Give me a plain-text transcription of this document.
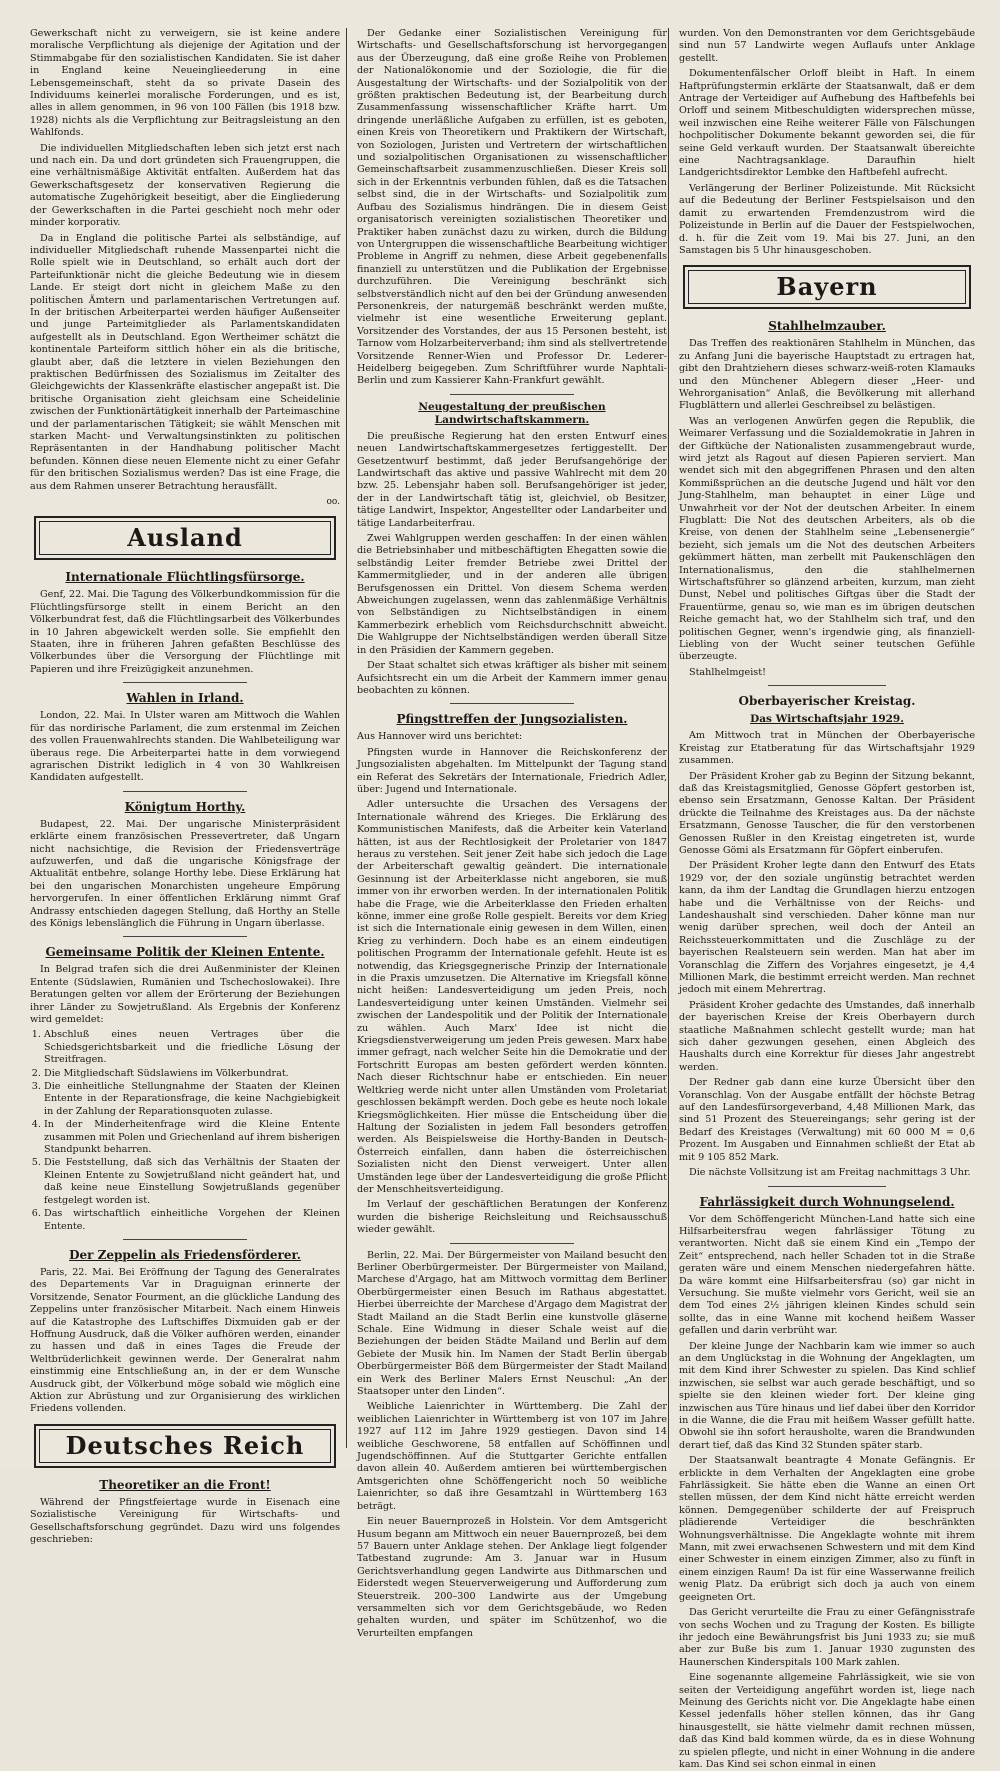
Gewerkschaft nicht zu verweigern, sie ist keine andere moralische Verpflichtung als diejenige der Agitation und der Stimmabgabe für den sozialistischen Kandidaten. Sie ist daher in England keine Neueinglieederung in eine Lebensgemeinschaft, steht da so private Dasein des Individuums keinerlei moralische Forderungen, und es ist, alles in allem genommen, in 96 von 100 Fällen (bis 1918 bzw. 1928) nichts als die Verpflichtung zur Beitragsleistung an den Wahlfonds.

Die individuellen Mitgliedschaften leben sich jetzt erst nach und nach ein. Da und dort gründeten sich Frauengruppen, die eine verhältnismäßige Aktivität entfalten. Außerdem hat das Gewerkschaftsgesetz der konservativen Regierung die automatische Zugehörigkeit beseitigt, aber die Eingliederung der Gewerkschaften in die Partei geschieht noch mehr oder minder korporativ.

Da in England die politische Partei als selbständige, auf individueller Mitgliedschaft ruhende Massenpartei nicht die Rolle spielt wie in Deutschland, so erhält auch dort der Parteifunktionär nicht die gleiche Bedeutung wie in diesem Lande. Er steigt dort nicht in gleichem Maße zu den politischen Ämtern und parlamentarischen Vertretungen auf. In der britischen Arbeiterpartei werden häufiger Außenseiter und junge Parteimitglieder als Parlamentskandidaten aufgestellt als in Deutschland. Egon Wertheimer schätzt die kontinentale Parteiform sittlich höher ein als die britische, glaubt aber, daß die letztere in vielen Beziehungen den praktischen Bedürfnissen des Sozialismus im Zeitalter des Gleichgewichts der Klassenkräfte elastischer angepaßt ist. Die britische Organisation zieht gleichsam eine Scheidelinie zwischen der Funktionärtätigkeit innerhalb der Parteimaschine und der parlamentarischen Tätigkeit; sie wählt Menschen mit starken Macht- und Verwaltungsinstinkten zu politischen Repräsentanten in der Handhabung politischer Macht befunden. Können diese neuen Elemente nicht zu einer Gefahr für den britischen Sozialismus werden? Das ist eine Frage, die aus dem Rahmen unserer Betrachtung herausfällt.

oo.
Ausland
Internationale Flüchtlingsfürsorge.

Genf, 22. Mai. Die Tagung des Völkerbundkommission für die Flüchtlingsfürsorge stellt in einem Bericht an den Völkerbundrat fest, daß die Flüchtlingsarbeit des Völkerbundes in 10 Jahren abgewickelt werden solle. Sie empfiehlt den Staaten, ihre in früheren Jahren gefaßten Beschlüsse des Völkerbundes über die Versorgung der Flüchtlinge mit Papieren und ihre Freizügigkeit anzunehmen.

Wahlen in Irland.

London, 22. Mai. In Ulster waren am Mittwoch die Wahlen für das nordirische Parlament, die zum erstenmal im Zeichen des vollen Frauenwahlrechts standen. Die Wahlbeteiligung war überaus rege. Die Arbeiterpartei hatte in dem vorwiegend agrarischen Distrikt lediglich in 4 von 30 Wahlkreisen Kandidaten aufgestellt.

Königtum Horthy.

Budapest, 22. Mai. Der ungarische Ministerpräsident erklärte einem französischen Pressevertreter, daß Ungarn nicht nachsichtige, die Revision der Friedensverträge aufzuwerfen, und daß die ungarische Königsfrage der Aktualität entbehre, solange Horthy lebe. Diese Erklärung hat bei den ungarischen Monarchisten ungeheure Empörung hervorgerufen. In einer öffentlichen Erklärung nimmt Graf Andrassy entschieden dagegen Stellung, daß Horthy an Stelle des Königs lebenslänglich die Führung in Ungarn überlasse.

Gemeinsame Politik der Kleinen Entente.

In Belgrad trafen sich die drei Außenminister der Kleinen Entente (Südslawien, Rumänien und Tschechoslowakei). Ihre Beratungen gelten vor allem der Erörterung der Beziehungen ihrer Länder zu Sowjetrußland. Als Ergebnis der Konferenz wird gemeldet:

1. Abschluß eines neuen Vertrages über die Schiedsgerichtsbarkeit und die friedliche Lösung der Streitfragen.
2. Die Mitgliedschaft Südslawiens im Völkerbundrat.
3. Die einheitliche Stellungnahme der Staaten der Kleinen Entente in der Reparationsfrage, die keine Nachgiebigkeit in der Zahlung der Reparationsquoten zulasse.
4. In der Minderheitenfrage wird die Kleine Entente zusammen mit Polen und Griechenland auf ihrem bisherigen Standpunkt beharren.
5. Die Feststellung, daß sich das Verhältnis der Staaten der Kleinen Entente zu Sowjetrußland nicht geändert hat, und daß keine neue Einstellung Sowjetrußlands gegenüber festgelegt worden ist.
6. Das wirtschaftlich einheitliche Vorgehen der Kleinen Entente.
Der Zeppelin als Friedensförderer.

Paris, 22. Mai. Bei Eröffnung der Tagung des Generalrates des Departements Var in Draguignan erinnerte der Vorsitzende, Senator Fourment, an die glückliche Landung des Zeppelins unter französischer Mitarbeit. Nach einem Hinweis auf die Katastrophe des Luftschiffes Dixmuiden gab er der Hoffnung Ausdruck, daß die Völker aufhören werden, einander zu hassen und daß in eines Tages die Freude der Weltbrüderlichkeit gewinnen werde. Der Generalrat nahm einstimmig eine Entschließung an, in der er dem Wunsche Ausdruck gibt, der Völkerbund möge sobald wie möglich eine Aktion zur Abrüstung und zur Organisierung des wirklichen Friedens vollenden.

Deutsches Reich
Theoretiker an die Front!

Während der Pfingstfeiertage wurde in Eisenach eine Sozialistische Vereinigung für Wirtschafts- und Gesellschaftsforschung gegründet. Dazu wird uns folgendes geschrieben:

Der Gedanke einer Sozialistischen Vereinigung für Wirtschafts- und Gesellschaftsforschung ist hervorgegangen aus der Überzeugung, daß eine große Reihe von Problemen der Nationalökonomie und der Soziologie, die für die Ausgestaltung der Wirtschafts- und der Sozialpolitik von der größten praktischen Bedeutung ist, der Bearbeitung durch Zusammenfassung wissenschaftlicher Kräfte harrt. Um dringende unerläßliche Aufgaben zu erfüllen, ist es geboten, einen Kreis von Theoretikern und Praktikern der Wirtschaft, von Soziologen, Juristen und Vertretern der wirtschaftlichen und sozialpolitischen Organisationen zu wissenschaftlicher Gemeinschaftsarbeit zusammenzuschließen. Dieser Kreis soll sich in der Erkenntnis verbunden fühlen, daß es die Tatsachen selbst sind, die in der Wirtschafts- und Sozialpolitik zum Aufbau des Sozialismus hindrängen. Die in diesem Geist organisatorisch vereinigten sozialistischen Theoretiker und Praktiker haben zunächst dazu zu wirken, durch die Bildung von Untergruppen die wissenschaftliche Bearbeitung wichtiger Probleme in Angriff zu nehmen, diese Arbeit gegebenenfalls finanziell zu unterstützen und die Publikation der Ergebnisse durchzuführen. Die Vereinigung beschränkt sich selbstverständlich nicht auf den bei der Gründung anwesenden Personenkreis, der naturgemäß beschränkt werden mußte, vielmehr ist eine wesentliche Erweiterung geplant. Vorsitzender des Vorstandes, der aus 15 Personen besteht, ist Tarnow vom Holzarbeiterverband; ihm sind als stellvertretende Vorsitzende Renner-Wien und Professor Dr. Lederer-Heidelberg beigegeben. Zum Schriftführer wurde Naphtali-Berlin und zum Kassierer Kahn-Frankfurt gewählt.

Neugestaltung der preußischen Landwirtschaftskammern.

Die preußische Regierung hat den ersten Entwurf eines neuen Landwirtschaftskammergesetzes fertiggestellt. Der Gesetzentwurf bestimmt, daß jeder Berufsangehörige der Landwirtschaft das aktive und passive Wahlrecht mit dem 20 bzw. 25. Lebensjahr haben soll. Berufsangehöriger ist jeder, der in der Landwirtschaft tätig ist, gleichviel, ob Besitzer, tätige Landwirt, Inspektor, Angestellter oder Landarbeiter und tätige Landarbeiterfrau.

Zwei Wahlgruppen werden geschaffen: In der einen wählen die Betriebsinhaber und mitbeschäftigten Ehegatten sowie die selbständig Leiter fremder Betriebe zwei Drittel der Kammermitglieder, und in der anderen alle übrigen Berufsgenossen ein Drittel. Von diesem Schema werden Abweichungen zugelassen, wenn das zahlenmäßige Verhältnis von Selbständigen zu Nichtselbständigen in einem Kammerbezirk erheblich vom Reichsdurchschnitt abweicht. Die Wahlgruppe der Nichtselbständigen werden überall Sitze in den Präsidien der Kammern gegeben.

Der Staat schaltet sich etwas kräftiger als bisher mit seinem Aufsichtsrecht ein um die Arbeit der Kammern immer genau beobachten zu können.

Pfingsttreffen der Jungsozialisten.

Aus Hannover wird uns berichtet:

Pfingsten wurde in Hannover die Reichskonferenz der Jungsozialisten abgehalten. Im Mittelpunkt der Tagung stand ein Referat des Sekretärs der Internationale, Friedrich Adler, über: Jugend und Internationale.

Adler untersuchte die Ursachen des Versagens der Internationale während des Krieges. Die Erklärung des Kommunistischen Manifests, daß die Arbeiter kein Vaterland hätten, ist aus der Rechtlosigkeit der Proletarier von 1847 heraus zu verstehen. Seit jener Zeit habe sich jedoch die Lage der Arbeiterschaft gewaltig geändert. Die internationale Gesinnung ist der Arbeiterklasse nicht angeboren, sie muß immer von ihr erworben werden. In der internationalen Politik habe die Frage, wie die Arbeiterklasse den Frieden erhalten könne, immer eine große Rolle gespielt. Bereits vor dem Krieg ist sich die Internationale einig gewesen in dem Willen, einen Krieg zu verhindern. Doch habe es an einem eindeutigen politischen Programm der Internationale gefehlt. Heute ist es notwendig, das Kriegsgegnerische Prinzip der Internationale in die Praxis umzusetzen. Die Alternative im Kriegsfall könne nicht heißen: Landesverteidigung um jeden Preis, noch Landesverteidigung unter keinen Umständen. Vielmehr sei zwischen der Landespolitik und der Politik der Internationale zu wählen. Auch Marx' Idee ist nicht die Kriegsdienstverweigerung um jeden Preis gewesen. Marx habe immer gefragt, nach welcher Seite hin die Demokratie und der Fortschritt Europas am besten gefördert werden könnten. Nach dieser Richtschnur habe er entschieden. Ein neuer Weltkrieg werde nicht unter allen Umständen vom Proletariat geschlossen bekämpft werden. Doch gebe es heute noch lokale Kriegsmöglichkeiten. Hier müsse die Entscheidung über die Haltung der Sozialisten in jedem Fall besonders getroffen werden. Als Beispielsweise die Horthy-Banden in Deutsch-Österreich einfallen, dann haben die österreichischen Sozialisten nicht den Dienst verweigert. Unter allen Umständen lege über der Landesverteidigung die große Pflicht der Menschheitsverteidigung.

Im Verlauf der geschäftlichen Beratungen der Konferenz wurden die bisherige Reichsleitung und Reichsausschuß wieder gewählt.

Berlin, 22. Mai. Der Bürgermeister von Mailand besucht den Berliner Oberbürgermeister. Der Bürgermeister von Mailand, Marchese d'Argago, hat am Mittwoch vormittag dem Berliner Oberbürgermeister einen Besuch im Rathaus abgestattet. Hierbei überreichte der Marchese d'Argago dem Magistrat der Stadt Mailand an die Stadt Berlin eine kunstvolle gläserne Schale. Eine Widmung in dieser Schale weist auf die Beziehungen der beiden Städte Mailand und Berlin auf dem Gebiete der Musik hin. Im Namen der Stadt Berlin übergab Oberbürgermeister Böß dem Bürgermeister der Stadt Mailand ein Werk des Berliner Malers Ernst Neuschul: „An der Staatsoper unter den Linden“.

Weibliche Laienrichter in Württemberg. Die Zahl der weiblichen Laienrichter in Württemberg ist von 107 im Jahre 1927 auf 112 im Jahre 1929 gestiegen. Davon sind 14 weibliche Geschworene, 58 entfallen auf Schöffinnen und Jugendschöffinnen. Auf die Stuttgarter Gerichte entfallen davon allein 40. Außerdem amtieren bei württembergischen Amtsgerichten ohne Schöffengericht noch 50 weibliche Laienrichter, so daß ihre Gesamtzahl in Württemberg 163 beträgt.

Ein neuer Bauernprozeß in Holstein. Vor dem Amtsgericht Husum begann am Mittwoch ein neuer Bauernprozeß, bei dem 57 Bauern unter Anklage stehen. Der Anklage liegt folgender Tatbestand zugrunde: Am 3. Januar war in Husum Gerichtsverhandlung gegen Landwirte aus Dithmarschen und Eiderstedt wegen Steuerverweigerung und Aufforderung zum Steuerstreik. 200–300 Landwirte aus der Umgebung versammelten sich vor dem Gerichtsgebäude, wo Reden gehalten wurden, und später im Schützenhof, wo die Verurteilten empfangen

wurden. Von den Demonstranten vor dem Gerichtsgebäude sind nun 57 Landwirte wegen Auflaufs unter Anklage gestellt.

Dokumentenfälscher Orloff bleibt in Haft. In einem Haftprüfungstermin erklärte der Staatsanwalt, daß er dem Antrage der Verteidiger auf Aufhebung des Haftbefehls bei Orloff und seinem Mitbeschuldigten widersprechen müsse, weil inzwischen eine Reihe weiterer Fälle von Fälschungen hochpolitischer Dokumente bekannt geworden sei, die für seine Geld verkauft wurden. Der Staatsanwalt übereichte eine Nachtragsanklage. Daraufhin hielt Landgerichtsdirektor Lembke den Haftbefehl aufrecht.

Verlängerung der Berliner Polizeistunde. Mit Rücksicht auf die Bedeutung der Berliner Festspielsaison und den damit zu erwartenden Fremdenzustrom wird die Polizeistunde in Berlin auf die Dauer der Festspielwochen, d. h. für die Zeit vom 19. Mai bis 27. Juni, an den Samstagen bis 5 Uhr hinausgeschoben.

Bayern
Stahlhelmzauber.

Das Treffen des reaktionären Stahlhelm in München, das zu Anfang Juni die bayerische Hauptstadt zu ertragen hat, gibt den Drahtziehern dieses schwarz-weiß-roten Klamauks und den Münchener Ablegern dieser „Heer- und Wehrorganisation“ Anlaß, die Bevölkerung mit allerhand Flugblättern und allerlei Geschreibsel zu belästigen.

Was an verlogenen Anwürfen gegen die Republik, die Weimarer Verfassung und die Sozialdemokratie in Jahren in der Giftküche der Nationalisten zusammengebraut wurde, wird jetzt als Ragout auf diesen Papieren serviert. Man wendet sich mit den abgegriffenen Phrasen und den alten Kommißsprüchen an die deutsche Jugend und hält vor den Jung-Stahlhelm, man behauptet in einer Lüge und Unwahrheit vor der Not der deutschen Arbeiter. In einem Flugblatt: Die Not des deutschen Arbeiters, als ob die Kreise, von denen der Stahlhelm seine „Lebensenergie“ bezieht, sich jemals um die Not des deutschen Arbeiters gekümmert hätten, man zerbellt mit Paukenschlägen den Internationalismus, den die stahlhelmernen Wirtschaftsführer so glänzend arbeiten, kurzum, man zieht Dunst, Nebel und politisches Giftgas über die Stadt der Frauentürme, genau so, wie man es im übrigen deutschen Reiche gemacht hat, wo der Stahlhelm sich traf, und den politischen Gegner, wenn's irgendwie ging, als finanziell-Liebling von der Wucht seiner teutschen Gefühle überzeugte.

Stahlhelmgeist!

Oberbayerischer Kreistag.
Das Wirtschaftsjahr 1929.

Am Mittwoch trat in München der Oberbayerische Kreistag zur Etatberatung für das Wirtschaftsjahr 1929 zusammen.

Der Präsident Kroher gab zu Beginn der Sitzung bekannt, daß das Kreistagsmitglied, Genosse Göpfert gestorben ist, ebenso sein Ersatzmann, Genosse Kaltan. Der Präsident drückte die Teilnahme des Kreistages aus. Da der nächste Ersatzmann, Genosse Tauscher, die für den verstorbenen Genossen Rußler in den Kreistag eingetreten ist, wurde Genosse Gömi als Ersatzmann für Göpfert einberufen.

Der Präsident Kroher legte dann den Entwurf des Etats 1929 vor, der den soziale ungünstig betrachtet werden kann, da ihm der Landtag die Grundlagen hierzu entzogen habe und die Verhältnisse von der Reichs- und Landeshaushalt sind verschieden. Daher könne man nur wenig darüber sprechen, weil doch der Anteil an Reichssteuerkommittaten und die Zuschläge zu der bayerischen Realsteuern sein werden. Man hat aber im Voranschlag die Ziffern des Vorjahres eingesetzt, je 4,4 Millionen Mark, die bestimmt erreicht werden. Man rechnet jedoch mit einem Mehrertrag.

Präsident Kroher gedachte des Umstandes, daß innerhalb der bayerischen Kreise der Kreis Oberbayern durch staatliche Maßnahmen schlecht gestellt wurde; man hat sich daher gezwungen gesehen, einen Abgleich des Haushalts durch eine Korrektur für dieses Jahr angestrebt werden.

Der Redner gab dann eine kurze Übersicht über den Voranschlag. Von der Ausgabe entfällt der höchste Betrag auf den Landesfürsorgeverband, 4,48 Millionen Mark, das sind 51 Prozent des Steuereingangs; sehr gering ist der Bedarf des Kreistages (Verwaltung) mit 60 000 M = 0,6 Prozent. Im Ausgaben und Einnahmen schließt der Etat ab mit 9 105 852 Mark.

Die nächste Vollsitzung ist am Freitag nachmittags 3 Uhr.

Fahrlässigkeit durch Wohnungselend.

Vor dem Schöffengericht München-Land hatte sich eine Hilfsarbeitersfrau wegen fahrlässiger Tötung zu verantworten. Nicht daß sie einem Kind ein „Tempo der Zeit“ entsprechend, nach heller Schaden tot in die Straße geraten wäre und einem Menschen niedergefahren hätte. Da wäre kommt eine Hilfsarbeitersfrau (so) gar nicht in Versuchung. Sie mußte vielmehr vors Gericht, weil sie an dem Tod eines 2½ jährigen kleinen Kindes schuld sein sollte, das in eine Wanne mit kochend heißem Wasser gefallen und darin verbrüht war.

Der kleine Junge der Nachbarin kam wie immer so auch an dem Unglückstag in die Wohnung der Angeklagten, um mit dem Kind ihrer Schwester zu spielen. Das Kind schlief inzwischen, sie selbst war auch gerade beschäftigt, und so spielte sie den kleinen wieder fort. Der kleine ging inzwischen aus Türe hinaus und lief dabei über den Korridor in die Wanne, die die Frau mit heißem Wasser gefüllt hatte. Obwohl sie ihn sofort herausholte, waren die Brandwunden derart tief, daß das Kind 32 Stunden später starb.

Der Staatsanwalt beantragte 4 Monate Gefängnis. Er erblickte in dem Verhalten der Angeklagten eine grobe Fahrlässigkeit. Sie hätte eben die Wanne an einen Ort stellen müssen, der dem Kind nicht hätte erreicht werden können. Demgegenüber schilderte der auf Freispruch plädierende Verteidiger die beschränkten Wohnungsverhältnisse. Die Angeklagte wohnte mit ihrem Mann, mit zwei erwachsenen Schwestern und mit dem Kind einer Schwester in einem einzigen Zimmer, also zu fünft in einem einzigen Raum! Da ist für eine Wasserwanne freilich wenig Platz. Da erübrigt sich doch ja auch von einem geeigneten Ort.

Das Gericht verurteilte die Frau zu einer Gefängnisstrafe von sechs Wochen und zu Tragung der Kosten. Es billigte ihr jedoch eine Bewährungsfrist bis Juni 1933 zu; sie muß aber zur Buße bis zum 1. Januar 1930 zugunsten des Haunerschen Kinderspitals 100 Mark zahlen.

Eine sogenannte allgemeine Fahrlässigkeit, wie sie von seiten der Verteidigung angeführt worden ist, liege nach Meinung des Gerichts nicht vor. Die Angeklagte habe einen Kessel jedenfalls höher stellen können, das ihr Gang hinausgestellt, sie hätte vielmehr damit rechnen müssen, daß das Kind bald kommen würde, da es in diese Wohnung zu spielen pflegte, und nicht in einer Wohnung in die andere kam. Das Kind sei schon einmal in einen
